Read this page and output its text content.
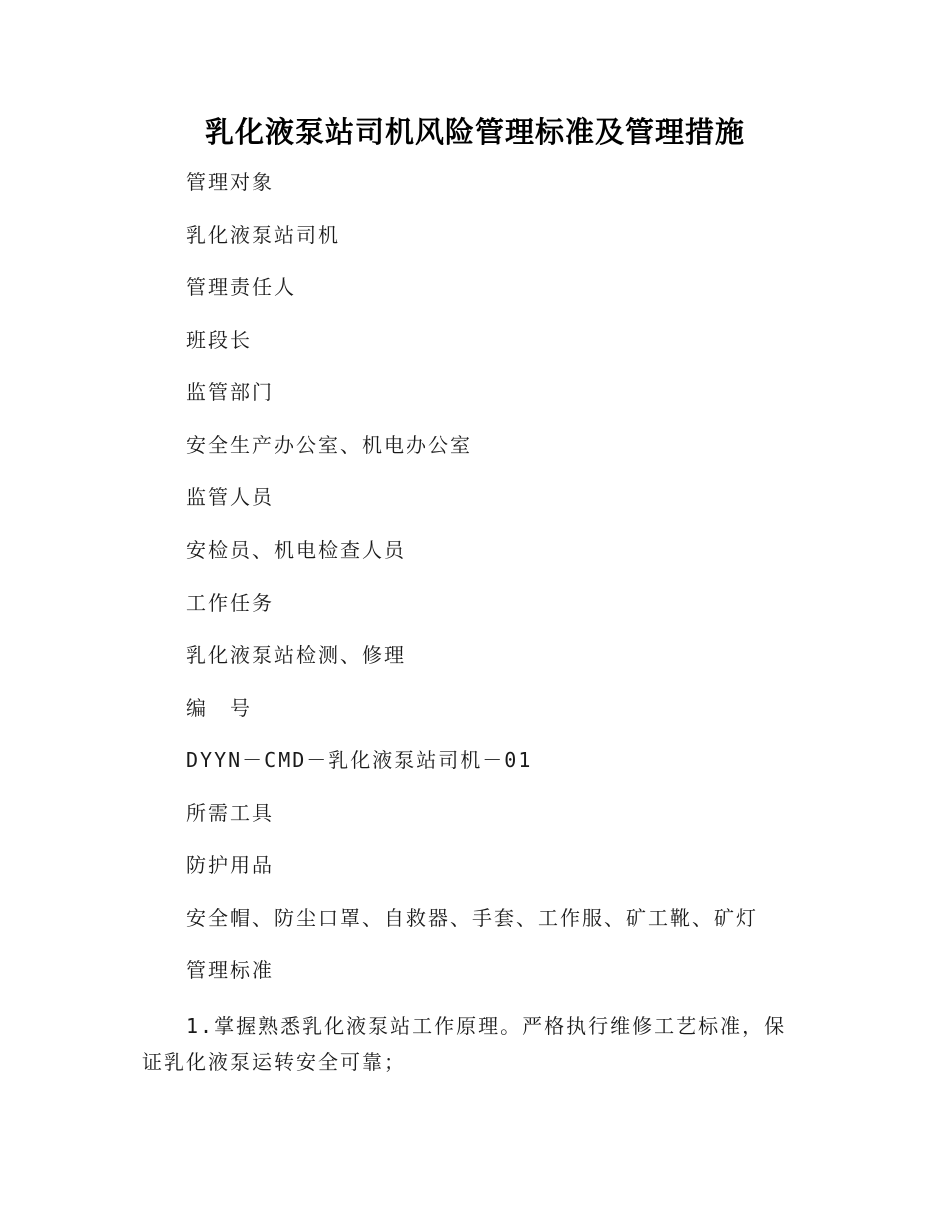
乳化液泵站司机风险管理标准及管理措施
管理对象
乳化液泵站司机
管理责任人
班段长
监管部门
安全生产办公室、机电办公室
监管人员
安检员、机电检查人员
工作任务
乳化液泵站检测、修理
编　号
DYYN－CMD－乳化液泵站司机－01
所需工具
防护用品
安全帽、防尘口罩、自救器、手套、工作服、矿工靴、矿灯
管理标准
1.掌握熟悉乳化液泵站工作原理。严格执行维修工艺标准，保证乳化液泵运转安全可靠；
